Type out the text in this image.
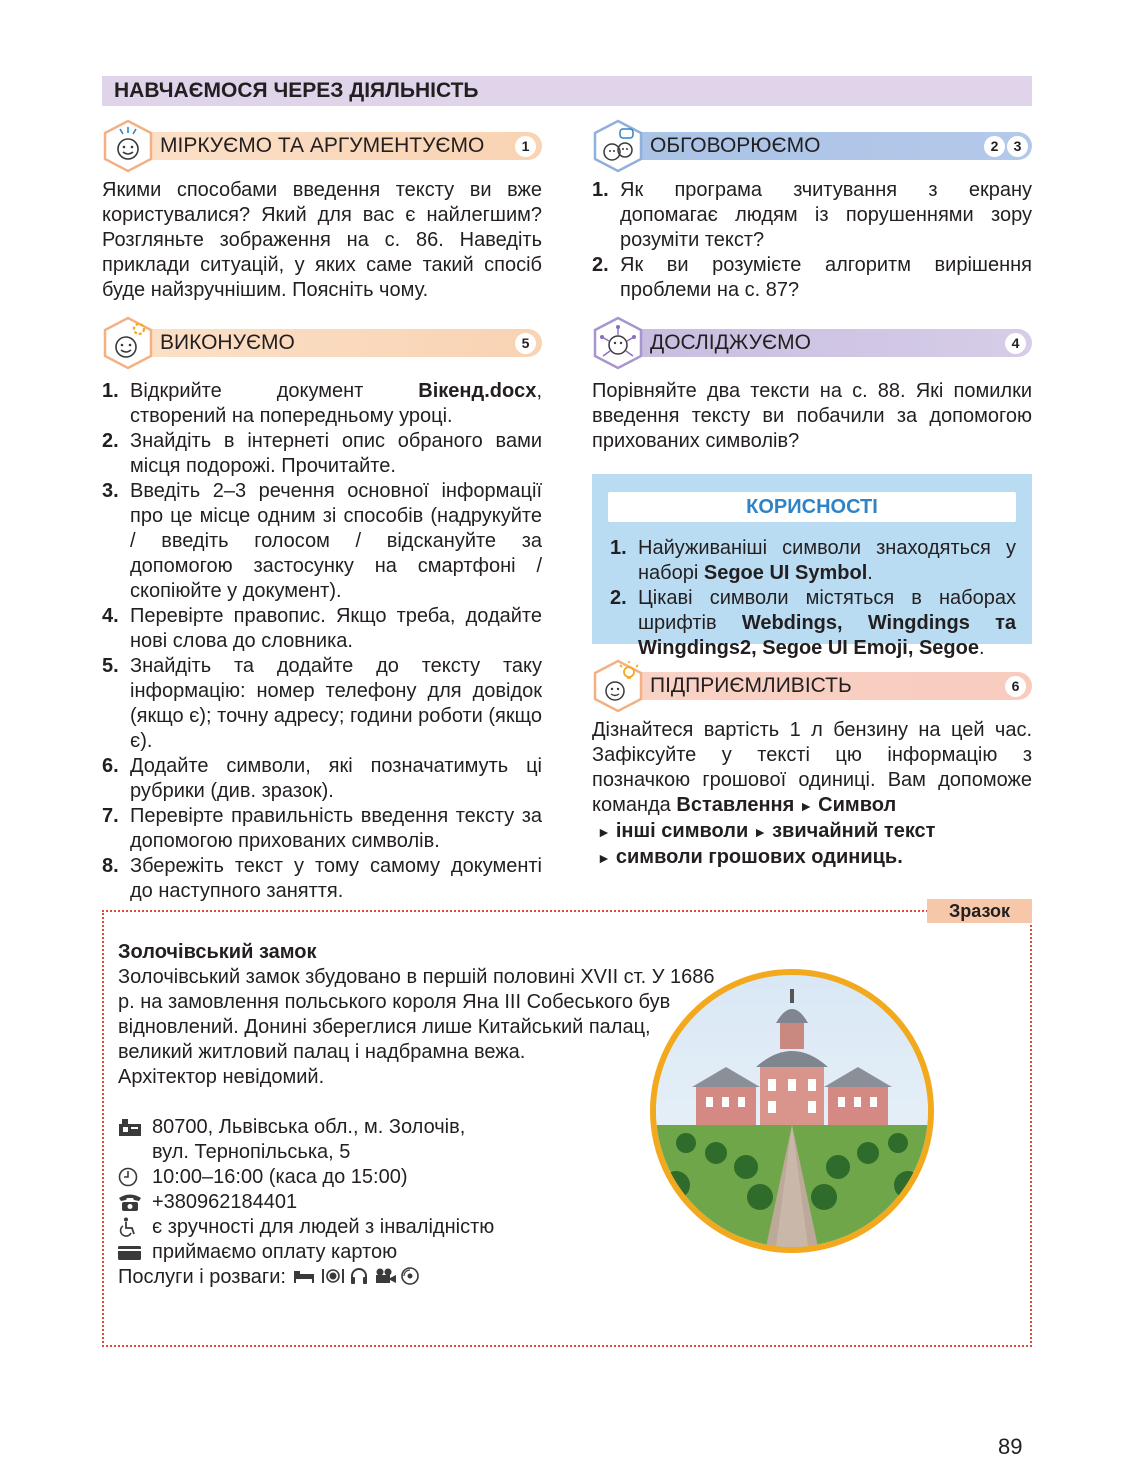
НАВЧАЄМОСЯ ЧЕРЕЗ ДІЯЛЬНІСТЬ
МІРКУЄМО ТА АРГУМЕНТУЄМО	1

Якими способами введення тексту ви вже користувалися? Який для вас є найлегшим? Розгляньте зображення на с. 86. Наведіть приклади ситуацій, у яких саме такий спосіб буде найзручнішим. Поясніть чому.

ВИКОНУЄМО	5
1. Відкрийте документ Вікенд.docx, створений на попередньому уроці.
2. Знайдіть в інтернеті опис обраного вами місця подорожі. Прочитайте.
3. Введіть 2–3 речення основної інформації про це місце одним зі способів (надрукуйте / введіть голосом / відскануйте за допомогою застосунку на смартфоні / скопіюйте у документ).
4. Перевірте правопис. Якщо треба, додайте нові слова до словника.
5. Знайдіть та додайте до тексту таку інформацію: номер телефону для довідок (якщо є); точну адресу; години роботи (якщо є).
6. Додайте символи, які позначатимуть ці рубрики (див. зразок).
7. Перевірте правильність введення тексту за допомогою прихованих символів.
8. Збережіть текст у тому самому документі до наступного заняття.
ОБГОВОРЮЄМО	2	3
1. Як програма зчитування з екрану допомагає людям із порушеннями зору розуміти текст?
2. Як ви розумієте алгоритм вирішення проблеми на с. 87?
ДОСЛІДЖУЄМО	4

Порівняйте два тексти на с. 88. Які помилки введення тексту ви побачили за допомогою прихованих символів?

КОРИСНОСТІ
1. Найуживаніші символи знаходяться у наборі Segoe UI Symbol.
2. Цікаві символи містяться в наборах шрифтів Webdings, Wingdings та Wingdings2, Segoe UI Emoji, Segoe.
ПІДПРИЄМЛИВІСТЬ	6

Дізнайтеся вартість 1 л бензину на цей час. Зафіксуйте у тексті цю інформацію з позначкою грошової одиниці. Вам допоможе команда Вставлення ► Символ
► інші символи ► звичайний текст
► символи грошових одиниць.

Зразок
Золочівський замок
Золочівський замок збудовано в першій половині XVII ст. У 1686 р. на замовлення польського короля Яна III Собеського був відновлений. Донині збереглися лише Китайський палац, великий житловий палац і надбрамна вежа.
Архітектор невідомий.
80700, Львівська обл., м. Золочів,
вул. Тернопільська, 5
10:00–16:00 (каса до 15:00)
+380962184401
є зручності для людей з інвалідністю
приймаємо оплату картою
Послуги і розваги:
89
